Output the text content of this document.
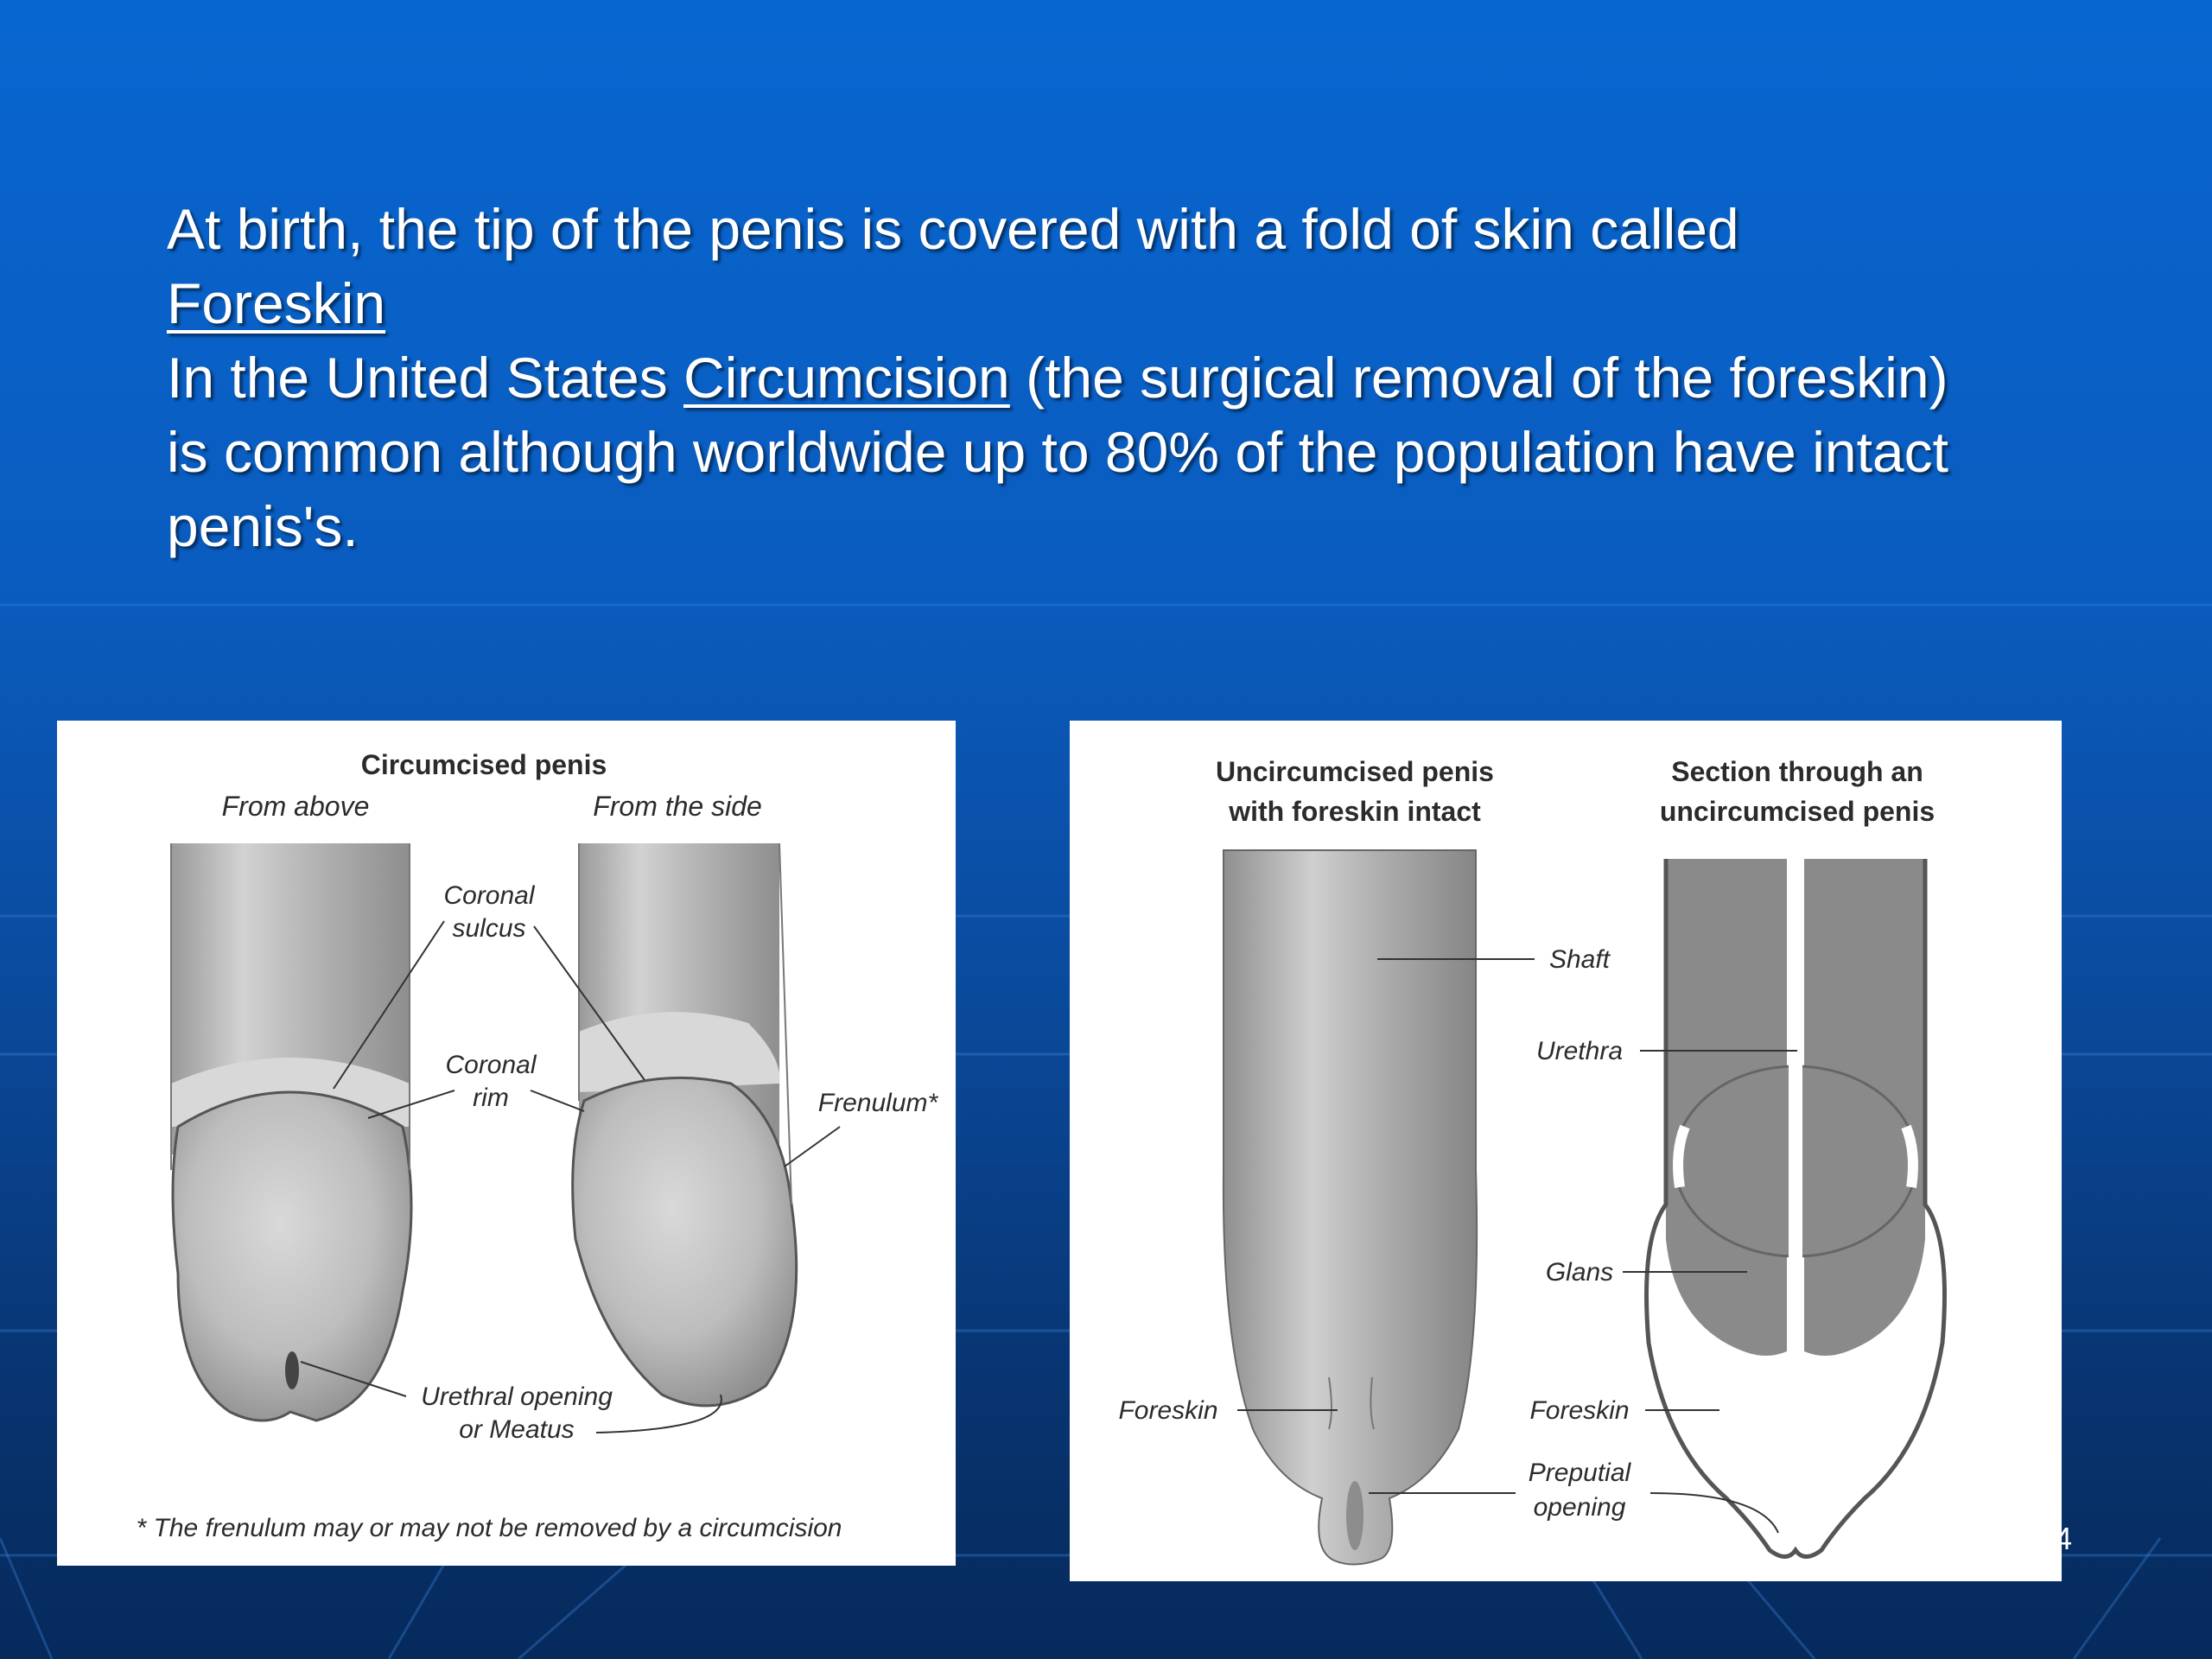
At birth, the tip of the penis is covered with a fold of skin called
Foreskin
In the United States Circumcision (the surgical removal of the foreskin)
is common although worldwide up to 80% of the population have intact
penis's.
Circumcised penis
From above	From the side
Coronal
sulcus
Coronal
rim	Frenulum*
Urethral opening
or Meatus
* The frenulum may or may not be removed by a circumcision
Uncircumcised penis
with foreskin intact
Section through an
uncircumcised penis
Shaft
Urethra
Glans
Foreskin	Foreskin
Preputial
opening
4
